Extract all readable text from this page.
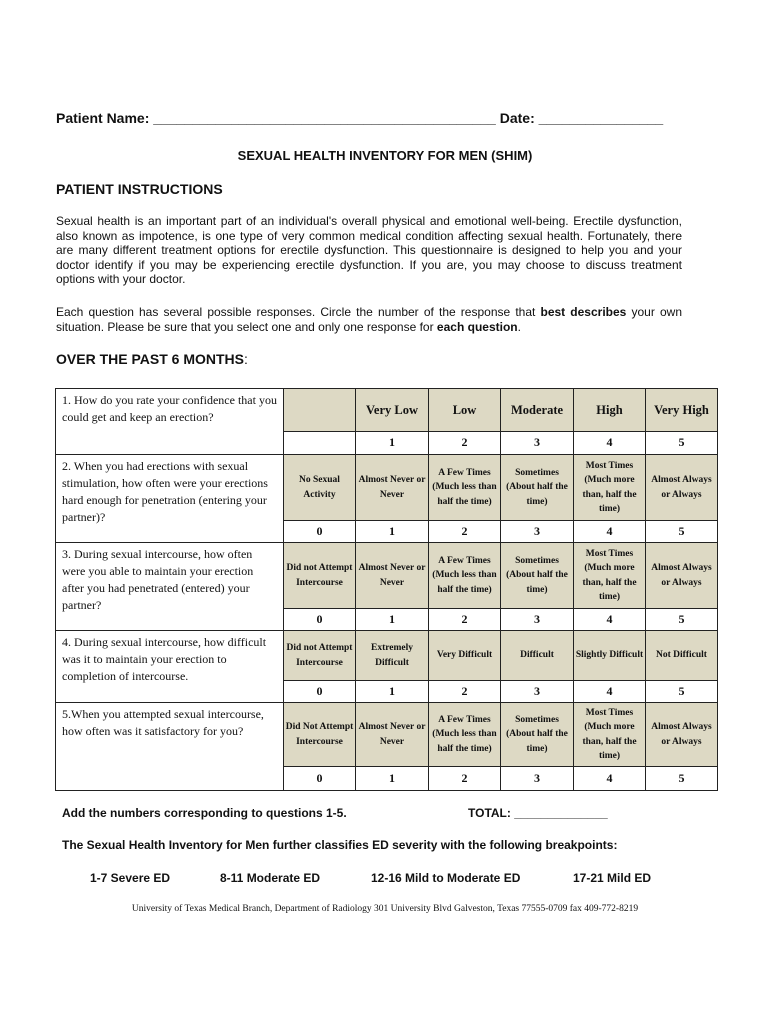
Patient Name: ____________________________________________ Date: ________________
SEXUAL HEALTH INVENTORY FOR MEN (SHIM)
PATIENT INSTRUCTIONS
Sexual health is an important part of an individual's overall physical and emotional well-being. Erectile dysfunction, also known as impotence, is one type of very common medical condition affecting sexual health. Fortunately, there are many different treatment options for erectile dysfunction. This questionnaire is designed to help you and your doctor identify if you may be experiencing erectile dysfunction. If you are, you may choose to discuss treatment options with your doctor.
Each question has several possible responses. Circle the number of the response that best describes your own situation. Please be sure that you select one and only one response for each question.
OVER THE PAST 6 MONTHS:
1. How do you rate your confidence that you could get and keep an erection?		Very Low	Low	Moderate	High	Very High
		1	2	3	4	5
2. When you had erections with sexual stimulation, how often were your erections hard enough for penetration (entering your partner)?	No Sexual Activity	Almost Never or Never	A Few Times (Much less than half the time)	Sometimes (About half the time)	Most Times (Much more than, half the time)	Almost Always or Always
	0	1	2	3	4	5
3. During sexual intercourse, how often were you able to maintain your erection after you had penetrated (entered) your partner?	Did not Attempt Intercourse	Almost Never or Never	A Few Times (Much less than half the time)	Sometimes (About half the time)	Most Times (Much more than, half the time)	Almost Always or Always
	0	1	2	3	4	5
4. During sexual intercourse, how difficult was it to maintain your erection to completion of intercourse.	Did not Attempt Intercourse	Extremely Difficult	Very Difficult	Difficult	Slightly Difficult	Not Difficult
	0	1	2	3	4	5
5.When you attempted sexual intercourse, how often was it satisfactory for you?	Did Not Attempt Intercourse	Almost Never or Never	A Few Times (Much less than half the time)	Sometimes (About half the time)	Most Times (Much more than, half the time)	Almost Always or Always
	0	1	2	3	4	5
Add the numbers corresponding to questions 1-5.	TOTAL: ______________
The Sexual Health Inventory for Men further classifies ED severity with the following breakpoints:
1-7 Severe ED	8-11 Moderate ED	12-16 Mild to Moderate ED	17-21 Mild ED
University of Texas Medical Branch, Department of Radiology 301 University Blvd Galveston, Texas 77555-0709 fax 409-772-8219
